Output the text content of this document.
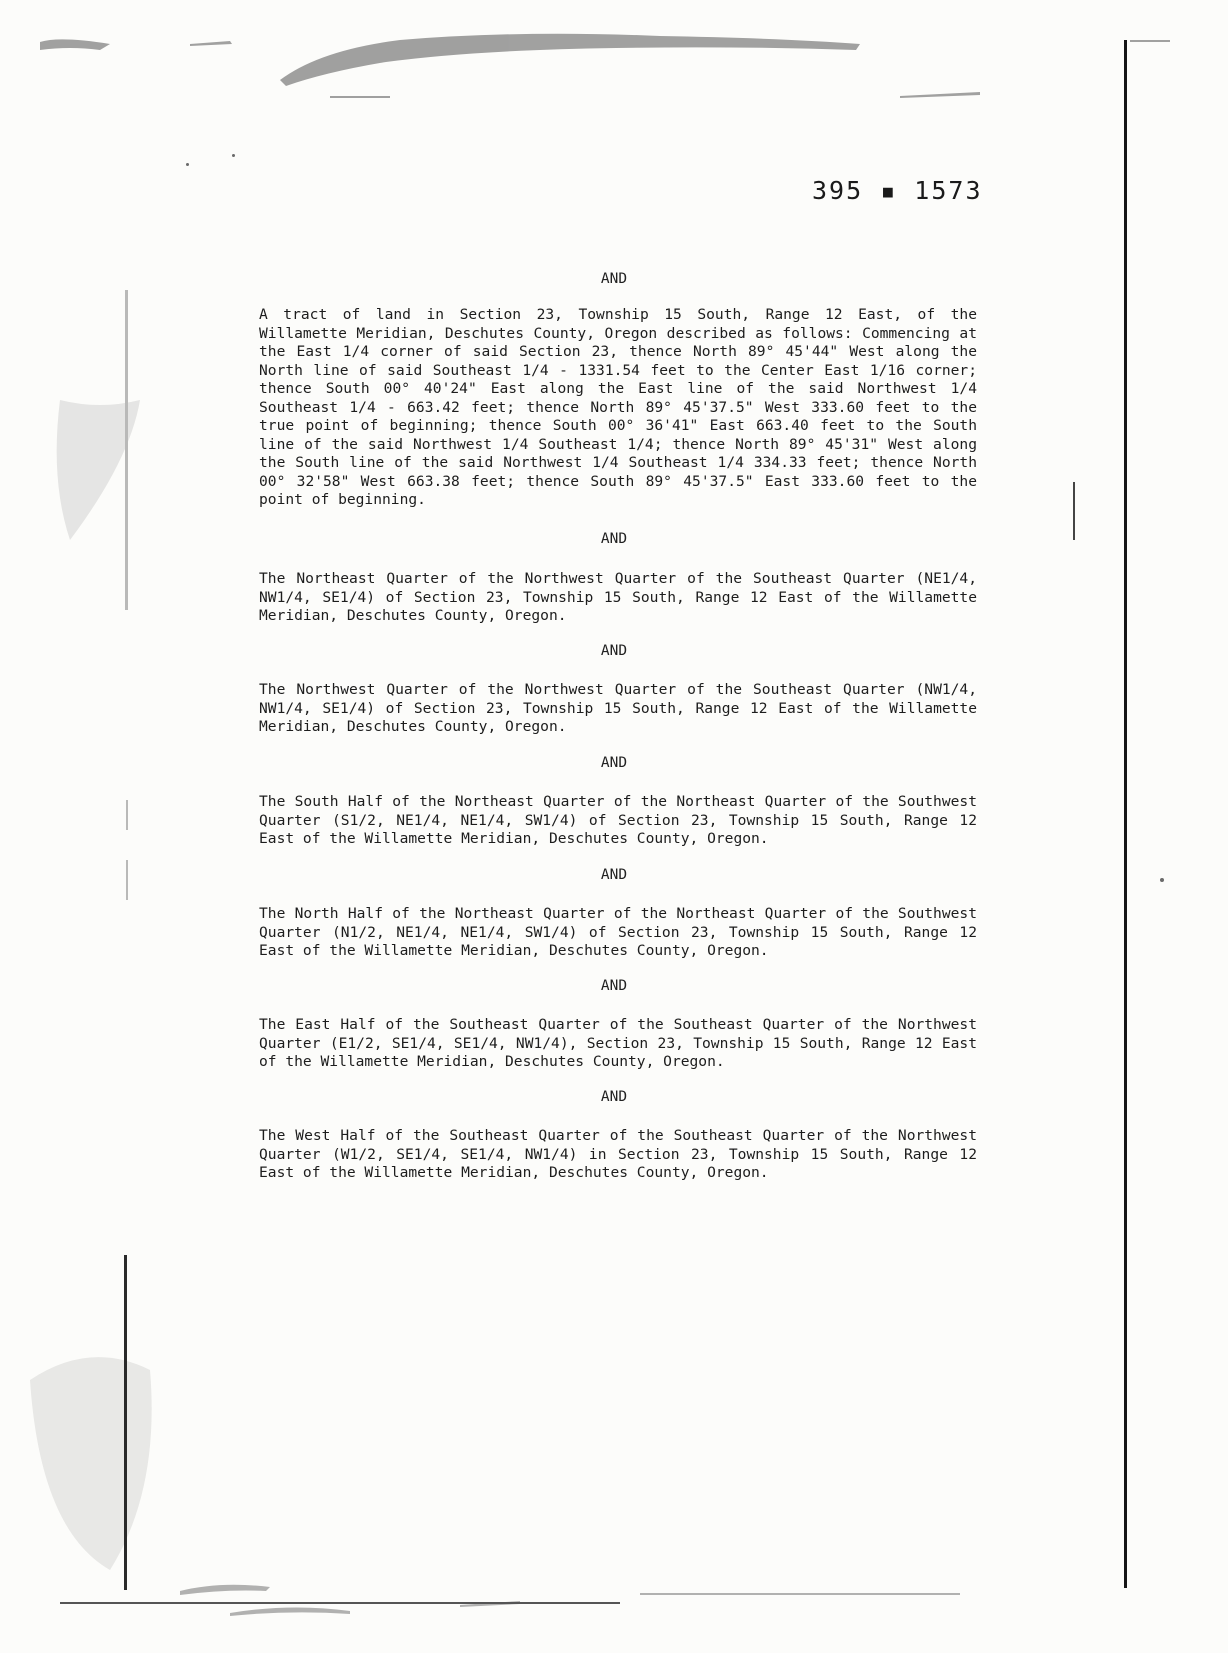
395 ▪ 1573
AND
A tract of land in Section 23, Township 15 South, Range 12 East, of the Willamette Meridian, Deschutes County, Oregon described as follows: Commencing at the East 1/4 corner of said Section 23, thence North 89° 45'44" West along the North line of said Southeast 1/4 - 1331.54 feet to the Center East 1/16 corner; thence South 00° 40'24" East along the East line of the said Northwest 1/4 Southeast 1/4 - 663.42 feet; thence North 89° 45'37.5" West 333.60 feet to the true point of beginning; thence South 00° 36'41" East 663.40 feet to the South line of the said Northwest 1/4 Southeast 1/4; thence North 89° 45'31" West along the South line of the said Northwest 1/4 Southeast 1/4 334.33 feet; thence North 00° 32'58" West 663.38 feet; thence South 89° 45'37.5" East 333.60 feet to the point of beginning.
AND
The Northeast Quarter of the Northwest Quarter of the Southeast Quarter (NE1/4, NW1/4, SE1/4) of Section 23, Township 15 South, Range 12 East of the Willamette Meridian, Deschutes County, Oregon.
AND
The Northwest Quarter of the Northwest Quarter of the Southeast Quarter (NW1/4, NW1/4, SE1/4) of Section 23, Township 15 South, Range 12 East of the Willamette Meridian, Deschutes County, Oregon.
AND
The South Half of the Northeast Quarter of the Northeast Quarter of the Southwest Quarter (S1/2, NE1/4, NE1/4, SW1/4) of Section 23, Township 15 South, Range 12 East of the Willamette Meridian, Deschutes County, Oregon.
AND
The North Half of the Northeast Quarter of the Northeast Quarter of the Southwest Quarter (N1/2, NE1/4, NE1/4, SW1/4) of Section 23, Township 15 South, Range 12 East of the Willamette Meridian, Deschutes County, Oregon.
AND
The East Half of the Southeast Quarter of the Southeast Quarter of the Northwest Quarter (E1/2, SE1/4, SE1/4, NW1/4), Section 23, Township 15 South, Range 12 East of the Willamette Meridian, Deschutes County, Oregon.
AND
The West Half of the Southeast Quarter of the Southeast Quarter of the Northwest Quarter (W1/2, SE1/4, SE1/4, NW1/4) in Section 23, Township 15 South, Range 12 East of the Willamette Meridian, Deschutes County, Oregon.
